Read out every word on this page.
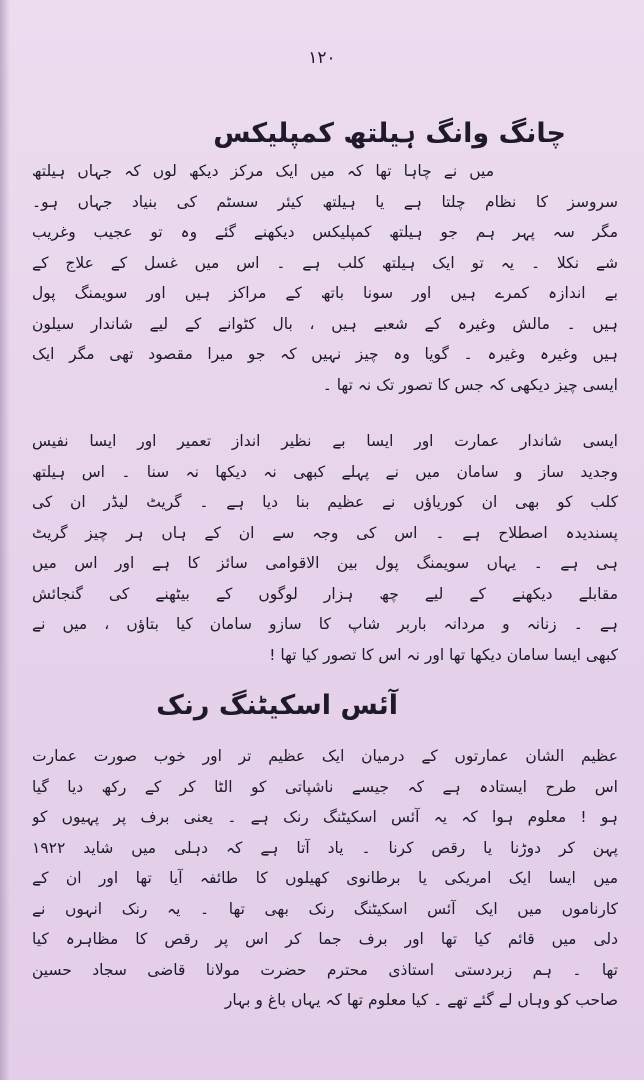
۱۲۰
چانگ وانگ ہیلتھ کمپلیکس
میں نے چاہا تھا کہ میں ایک مرکز دیکھ لوں کہ جہاں ہیلتھ
سروسز کا نظام چلتا ہے یا ہیلتھ کیئر سسٹم کی بنیاد جہاں ہو۔
مگر سہ پہر ہم جو ہیلتھ کمپلیکس دیکھنے گئے وہ تو عجیب وغریب
شے نکلا ۔ یہ تو ایک ہیلتھ کلب ہے ۔ اس میں غسل کے علاج کے
بے اندازہ کمرے ہیں اور سونا باتھ کے مراکز ہیں اور سویمنگ پول
ہیں ۔ مالش وغیرہ کے شعبے ہیں ، بال کٹوانے کے لیے شاندار سیلون
ہیں وغیرہ وغیرہ ۔ گویا وہ چیز نہیں کہ جو میرا مقصود تھی مگر ایک
ایسی چیز دیکھی کہ جس کا تصور تک نہ تھا ۔
ایسی شاندار عمارت اور ایسا بے نظیر انداز تعمیر اور ایسا نفیس
وجدید ساز و سامان میں نے پہلے کبھی نہ دیکھا نہ سنا ۔ اس ہیلتھ
کلب کو بھی ان کوریاؤں نے عظیم بنا دیا ہے ۔ گریٹ لیڈر ان کی
پسندیدہ اصطلاح ہے ۔ اس کی وجہ سے ان کے ہاں ہر چیز گریٹ
ہی ہے ۔ یہاں سویمنگ پول بین الاقوامی سائز کا ہے اور اس میں
مقابلے دیکھنے کے لیے چھ ہزار لوگوں کے بیٹھنے کی گنجائش
ہے ۔ زنانہ و مردانہ باربر شاپ کا سازو سامان کیا بتاؤں ، میں نے
کبھی ایسا سامان دیکھا تھا اور نہ اس کا تصور کیا تھا !
آئس اسکیٹنگ رنک
عظیم الشان عمارتوں کے درمیان ایک عظیم تر اور خوب صورت عمارت
اس طرح ایستادہ ہے کہ جیسے ناشپاتی کو الٹا کر کے رکھ دیا گیا
ہو ! معلوم ہوا کہ یہ آئس اسکیٹنگ رنک ہے ۔ یعنی برف پر پہیوں کو
پہن کر دوڑنا یا رقص کرنا ۔ یاد آتا ہے کہ دہلی میں شاید ۱۹۲۲
میں ایسا ایک امریکی یا برطانوی کھیلوں کا طائفہ آیا تھا اور ان کے
کارناموں میں ایک آئس اسکیٹنگ رنک بھی تھا ۔ یہ رنک انہوں نے
دلی میں قائم کیا تھا اور برف جما کر اس پر رقص کا مظاہرہ کیا
تھا ۔ ہم زبردستی استاذی محترم حضرت مولانا قاضی سجاد حسین
صاحب کو وہاں لے گئے تھے ۔ کیا معلوم تھا کہ یہاں باغ و بہار
